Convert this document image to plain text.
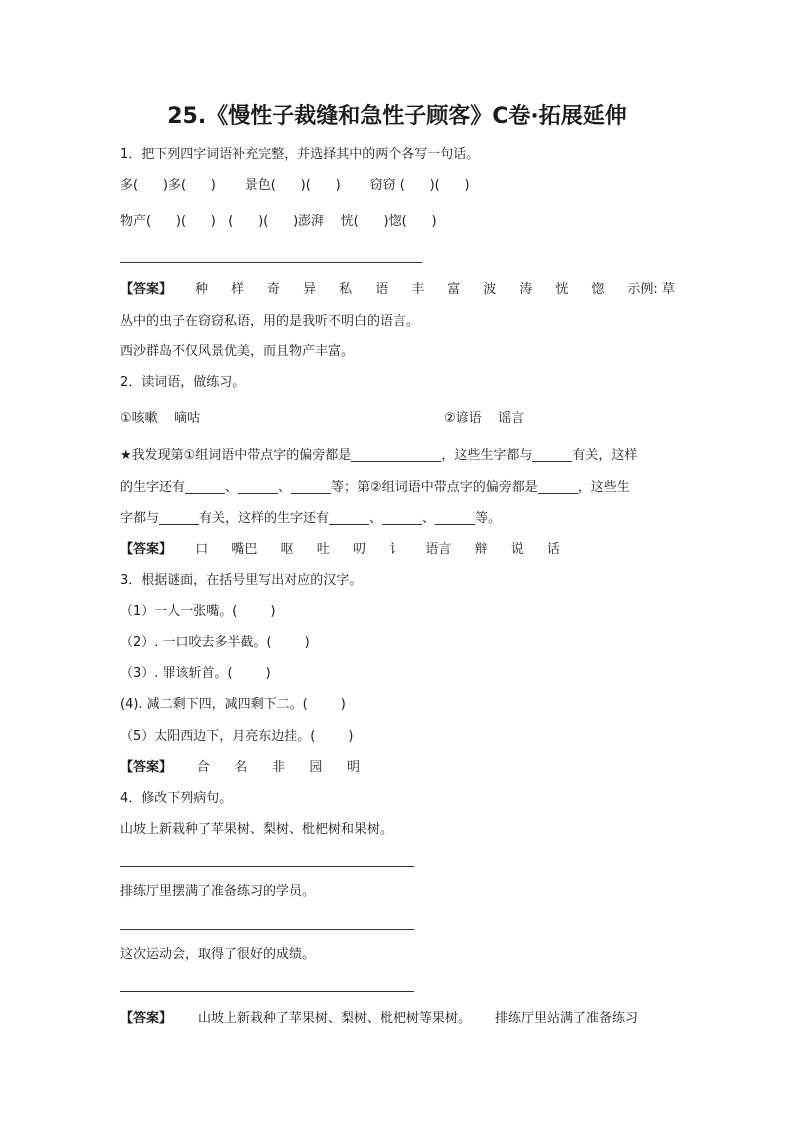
25.《慢性子裁缝和急性子顾客》C卷·拓展延伸
1．把下列四字词语补充完整，并选择其中的两个各写一句话。
多(      )多(      )       景色(      )(      )       窃窃 (      )(      )
物产(      )(      )   (      )(      )澎湃    恍(      )惚(      )
【答案】 种 样 奇 异 私 语 丰 富 波 涛 恍 惚 示例: 草
丛中的虫子在窃窃私语，用的是我听不明白的语言。
西沙群岛不仅风景优美，而且物产丰富。
2．读词语，做练习。
①咳嗽    嘀咕	②谚语    谣言
★我发现第①组词语中带点字的偏旁都是	，这些生字都与	有关，这样
的生字还有	、	、	等；第②组词语中带点字的偏旁都是	，这些生
字都与	有关，这样的生字还有	、	、	等。
【答案】 口 嘴巴 呕 吐 叨 讠 语言 辩 说 话
3．根据谜面，在括号里写出对应的汉字。
（1）一人一张嘴。(        )
（2）. 一口咬去多半截。(        )
（3）. 罪该斩首。(        )
(4). 减二剩下四，减四剩下二。(        )
（5）太阳西边下，月亮东边挂。(        )
【答案】 合 名 非 园 明
4．修改下列病句。
山坡上新栽种了苹果树、梨树、枇杷树和果树。
排练厅里摆满了准备练习的学员。
这次运动会，取得了很好的成绩。
【答案】 山坡上新栽种了苹果树、梨树、枇杷树等果树。 排练厅里站满了准备练习
